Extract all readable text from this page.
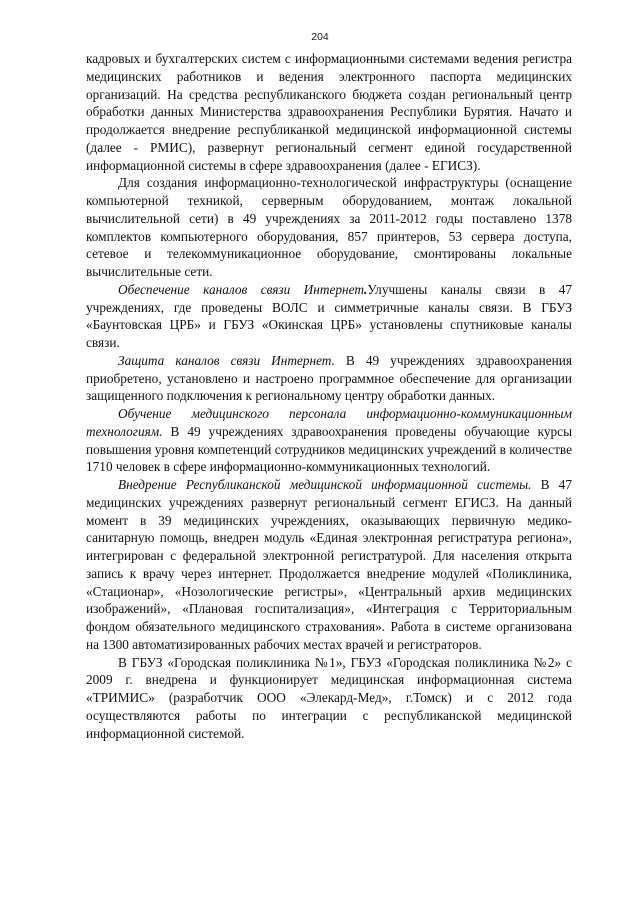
204

кадровых и бухгалтерских систем с информационными системами ведения регистра медицинских работников и ведения электронного паспорта медицинских организаций. На средства республиканского бюджета создан региональный центр обработки данных Министерства здравоохранения Республики Бурятия. Начато и продолжается внедрение республиканкой медицинской информационной системы (далее - РМИС), развернут региональный сегмент единой государственной информационной системы в сфере здравоохранения (далее - ЕГИСЗ).

Для создания информационно-технологической инфраструктуры (оснащение компьютерной техникой, серверным оборудованием, монтаж локальной вычислительной сети) в 49 учреждениях за 2011-2012 годы поставлено 1378 комплектов компьютерного оборудования, 857 принтеров, 53 сервера доступа, сетевое и телекоммуникационное оборудование, смонтированы локальные вычислительные сети.

Обеспечение каналов связи Интернет.Улучшены каналы связи в 47 учреждениях, где проведены ВОЛС и симметричные каналы связи. В ГБУЗ «Баунтовская ЦРБ» и ГБУЗ «Окинская ЦРБ» установлены спутниковые каналы связи.

Защита каналов связи Интернет. В 49 учреждениях здравоохранения приобретено, установлено и настроено программное обеспечение для организации защищенного подключения к региональному центру обработки данных.

Обучение медицинского персонала информационно-коммуникационным технологиям. В 49 учреждениях здравоохранения проведены обучающие курсы повышения уровня компетенций сотрудников медицинских учреждений в количестве 1710 человек в сфере информационно-коммуникационных технологий.

Внедрение Республиканской медицинской информационной системы. В 47 медицинских учреждениях развернут региональный сегмент ЕГИСЗ. На данный момент в 39 медицинских учреждениях, оказывающих первичную медико-санитарную помощь, внедрен модуль «Единая электронная регистратура региона», интегрирован с федеральной электронной регистратурой. Для населения открыта запись к врачу через интернет. Продолжается внедрение модулей «Поликлиника, «Стационар», «Нозологические регистры», «Центральный архив медицинских изображений», «Плановая госпитализация», «Интеграция с Территориальным фондом обязательного медицинского страхования». Работа в системе организована на 1300 автоматизированных рабочих местах врачей и регистраторов.

В ГБУЗ «Городская поликлиника №1», ГБУЗ «Городская поликлиника №2» с 2009 г. внедрена и функционирует медицинская информационная система «ТРИМИС» (разработчик ООО «Элекард-Мед», г.Томск) и с 2012 года осуществляются работы по интеграции с республиканской медицинской информационной системой.
